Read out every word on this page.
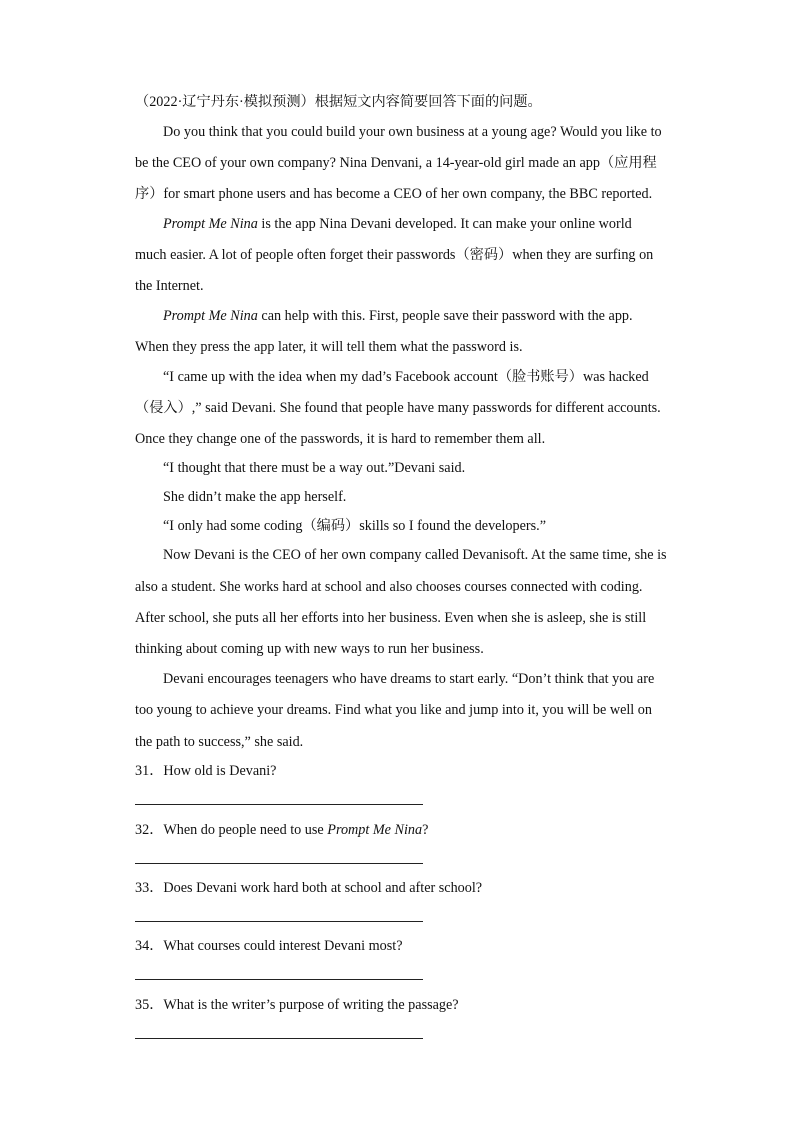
（2022·辽宁丹东·模拟预测）根据短文内容简要回答下面的问题。
Do you think that you could build your own business at a young age? Would you like to
be the CEO of your own company? Nina Denvani, a 14-year-old girl made an app（应用程
序）for smart phone users and has become a CEO of her own company, the BBC reported.
Prompt Me Nina is the app Nina Devani developed. It can make your online world
much easier. A lot of people often forget their passwords（密码）when they are surfing on
the Internet.
Prompt Me Nina can help with this. First, people save their password with the app.
When they press the app later, it will tell them what the password is.
“I came up with the idea when my dad’s Facebook account（脸书账号）was hacked
（侵入）,” said Devani. She found that people have many passwords for different accounts.
Once they change one of the passwords, it is hard to remember them all.
“I thought that there must be a way out.”Devani said.
She didn’t make the app herself.
“I only had some coding（编码）skills so I found the developers.”
Now Devani is the CEO of her own company called Devanisoft. At the same time, she is
also a student. She works hard at school and also chooses courses connected with coding.
After school, she puts all her efforts into her business. Even when she is asleep, she is still
thinking about coming up with new ways to run her business.
Devani encourages teenagers who have dreams to start early. “Don’t think that you are
too young to achieve your dreams. Find what you like and jump into it, you will be well on
the path to success,” she said.
31．How old is Devani?
32．When do people need to use Prompt Me Nina?
33．Does Devani work hard both at school and after school?
34．What courses could interest Devani most?
35．What is the writer’s purpose of writing the passage?
